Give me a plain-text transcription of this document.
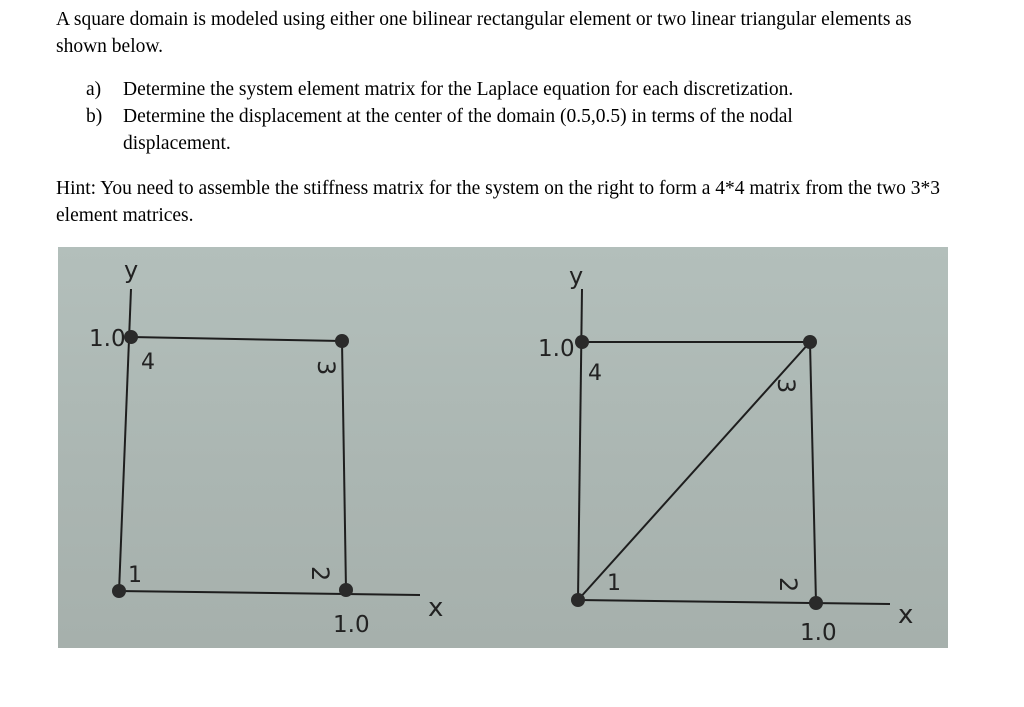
A square domain is modeled using either one bilinear rectangular element or two linear triangular elements as shown below.
a) Determine the system element matrix for the Laplace equation for each discretization.
b) Determine the displacement at the center of the domain (0.5,0.5) in terms of the nodal
displacement.
Hint: You need to assemble the stiffness matrix for the system on the right to form a 4*4 matrix from the two 3*3 element matrices.
y
1.0
4	3
1	2
1.0
x
y
1.0
4	3
1	2
1.0
x
